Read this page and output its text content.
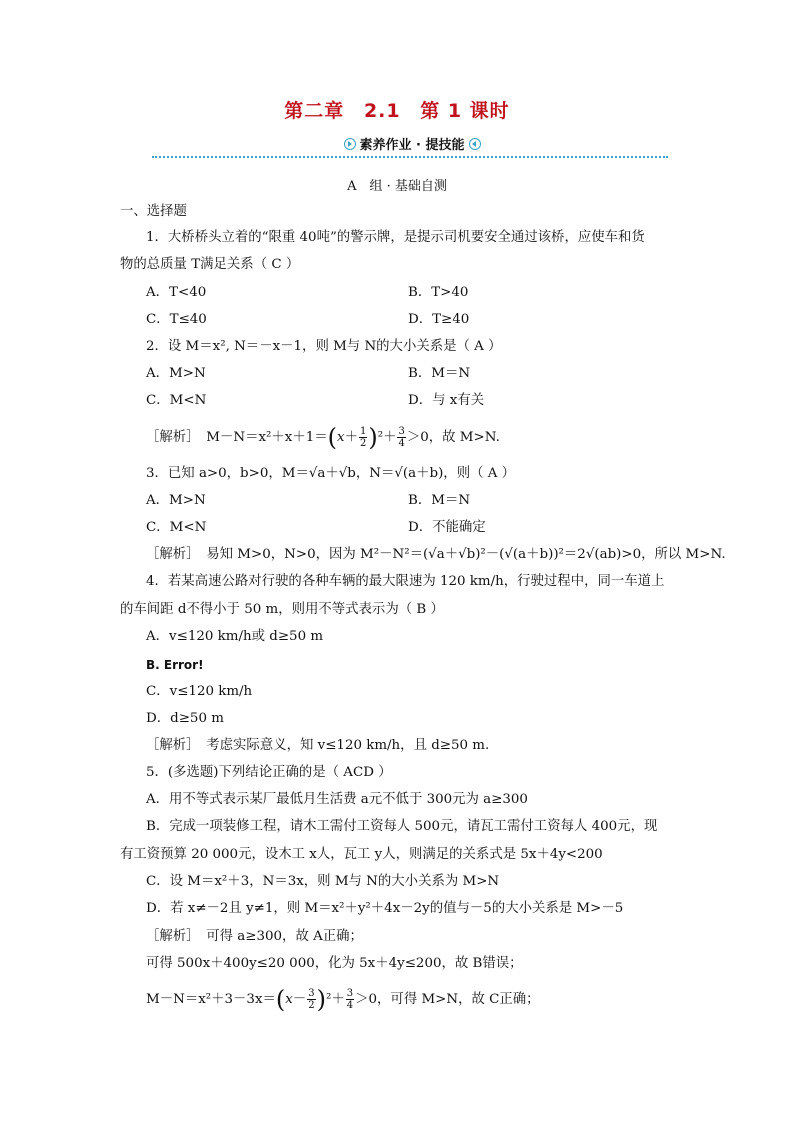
第二章 2.1 第 1 课时
素养作业 · 提技能
A　组 · 基础自测
一、选择题
1．大桥桥头立着的“限重 40吨”的警示牌，是提示司机要安全通过该桥，应使车和货
物的总质量 T满足关系（ C ）
A．T<40	B．T>40
C．T≤40	D．T≥40
2．设 M＝x², N＝－x－1，则 M与 N的大小关系是（ A ）
A．M>N	B．M＝N
C．M<N	D．与 x有关
［解析］　$M-N=x^2+x+1=(x+ \frac{1}{2} )^2+ \frac{3}{4} >0$，故 M>N.
3．已知 a>0，b>0，M＝√a＋√b，N＝√(a＋b)，则（ A ）
A．M>N	B．M＝N
C．M<N	D．不能确定
［解析］　易知 M>0，N>0，因为 M²－N²＝(√a＋√b)²－(√(a＋b))²＝2√(ab)>0，所以 M>N.
4．若某高速公路对行驶的各种车辆的最大限速为 120 km/h，行驶过程中，同一车道上
的车间距 d不得小于 50 m，则用不等式表示为（ B ）
A．v≤120 km/h或 d≥50 m
B. Error!
C．v≤120 km/h
D．d≥50 m
［解析］　考虑实际意义，知 v≤120 km/h，且 d≥50 m.
5．(多选题)下列结论正确的是（ ACD ）
A．用不等式表示某厂最低月生活费 a元不低于 300元为 a≥300
B．完成一项装修工程，请木工需付工资每人 500元，请瓦工需付工资每人 400元，现
有工资预算 20 000元，设木工 x人，瓦工 y人，则满足的关系式是 5x＋4y<200
C．设 M＝x²＋3，N＝3x，则 M与 N的大小关系为 M>N
D．若 x≠－2且 y≠1，则 M＝x²＋y²＋4x－2y的值与－5的大小关系是 M>－5
［解析］　可得 a≥300，故 A正确；
可得 500x＋400y≤20 000，化为 5x＋4y≤200，故 B错误；
$M-N=x^2+3-3x=(x- \frac{3}{2} )^2+ \frac{3}{4} >0$，可得 M>N，故 C正确；
